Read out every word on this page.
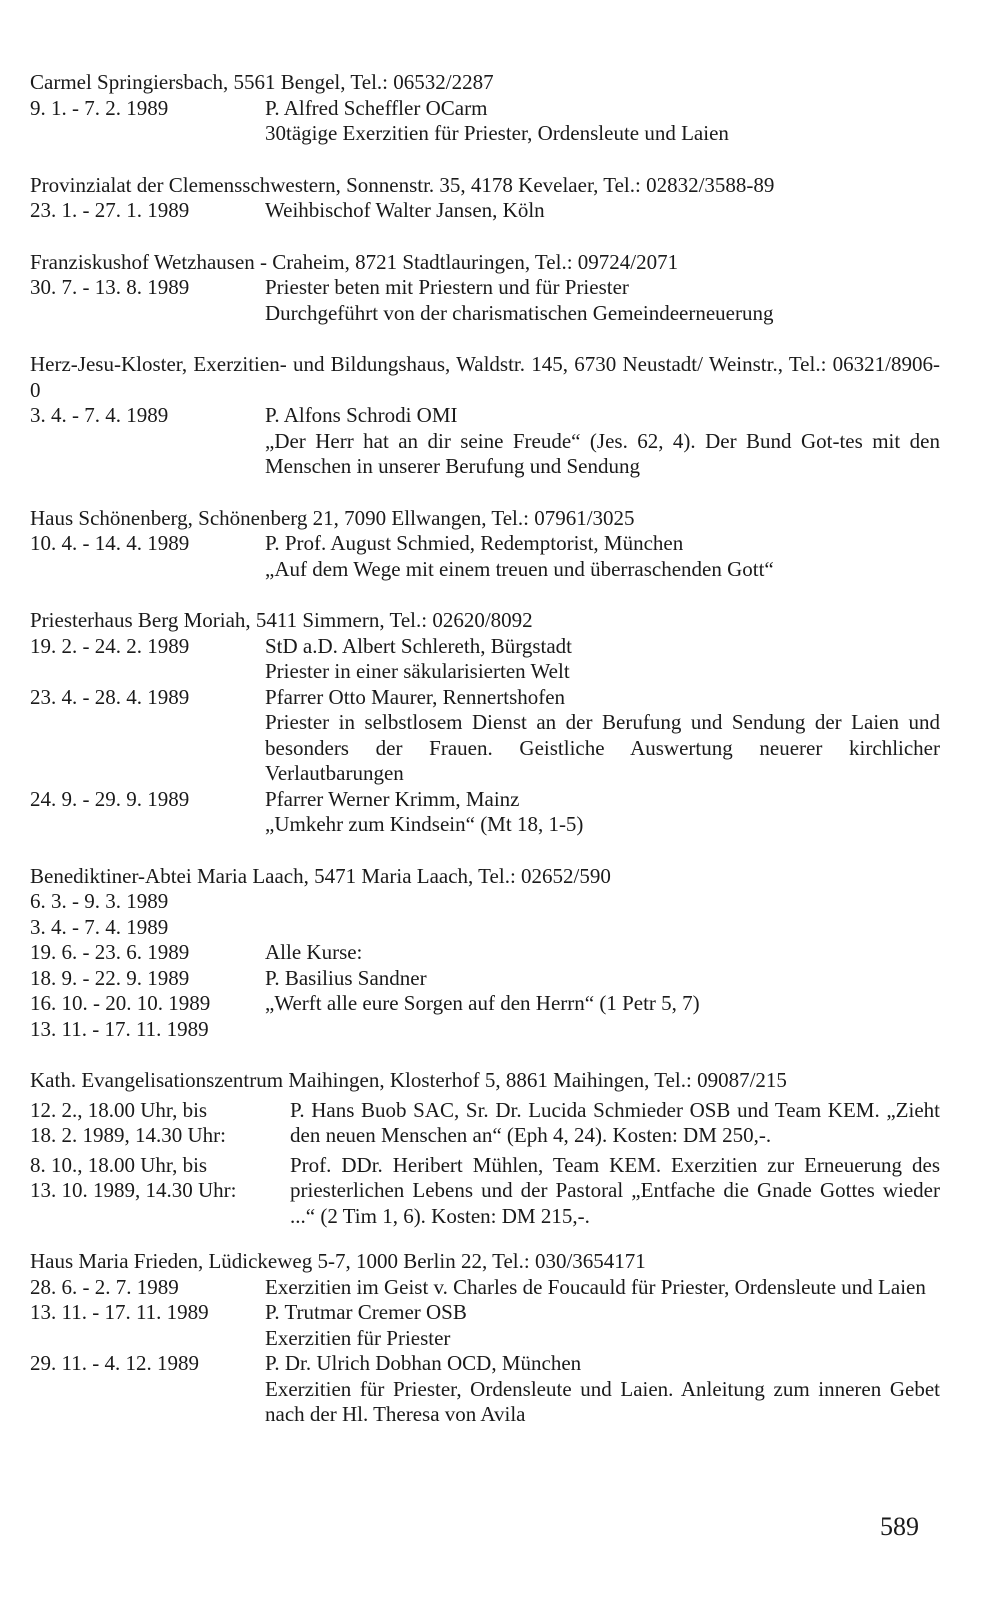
Carmel Springiersbach, 5561 Bengel, Tel.: 06532/2287
9. 1. - 7. 2. 1989	P. Alfred Scheffler OCarm
30tägige Exerzitien für Priester, Ordensleute und Laien
Provinzialat der Clemensschwestern, Sonnenstr. 35, 4178 Kevelaer, Tel.: 02832/3588-89
23. 1. - 27. 1. 1989	Weihbischof Walter Jansen, Köln
Franziskushof Wetzhausen - Craheim, 8721 Stadtlauringen, Tel.: 09724/2071
30. 7. - 13. 8. 1989	Priester beten mit Priestern und für Priester
Durchgeführt von der charismatischen Gemeindeerneuerung
Herz-Jesu-Kloster, Exerzitien- und Bildungshaus, Waldstr. 145, 6730 Neustadt/ Weinstr., Tel.: 06321/8906-0
3. 4. - 7. 4. 1989	P. Alfons Schrodi OMI
„Der Herr hat an dir seine Freude“ (Jes. 62, 4). Der Bund Got-tes mit den Menschen in unserer Berufung und Sendung
Haus Schönenberg, Schönenberg 21, 7090 Ellwangen, Tel.: 07961/3025
10. 4. - 14. 4. 1989	P. Prof. August Schmied, Redemptorist, München
„Auf dem Wege mit einem treuen und überraschenden Gott“
Priesterhaus Berg Moriah, 5411 Simmern, Tel.: 02620/8092
19. 2. - 24. 2. 1989	StD a.D. Albert Schlereth, Bürgstadt
Priester in einer säkularisierten Welt
23. 4. - 28. 4. 1989	Pfarrer Otto Maurer, Rennertshofen
Priester in selbstlosem Dienst an der Berufung und Sendung der Laien und besonders der Frauen. Geistliche Auswertung neuerer kirchlicher Verlautbarungen
24. 9. - 29. 9. 1989	Pfarrer Werner Krimm, Mainz
„Umkehr zum Kindsein“ (Mt 18, 1-5)
Benediktiner-Abtei Maria Laach, 5471 Maria Laach, Tel.: 02652/590
6. 3. - 9. 3. 1989
3. 4. - 7. 4. 1989
19. 6. - 23. 6. 1989	Alle Kurse:
18. 9. - 22. 9. 1989	P. Basilius Sandner
16. 10. - 20. 10. 1989	„Werft alle eure Sorgen auf den Herrn“ (1 Petr 5, 7)
13. 11. - 17. 11. 1989
Kath. Evangelisationszentrum Maihingen, Klosterhof 5, 8861 Maihingen, Tel.: 09087/215
12. 2., 18.00 Uhr, bis
18. 2. 1989, 14.30 Uhr:
P. Hans Buob SAC, Sr. Dr. Lucida Schmieder OSB und Team KEM. „Zieht den neuen Menschen an“ (Eph 4, 24). Kosten: DM 250,-.
8. 10., 18.00 Uhr, bis
13. 10. 1989, 14.30 Uhr:
Prof. DDr. Heribert Mühlen, Team KEM. Exerzitien zur Erneuerung des priesterlichen Lebens und der Pastoral „Entfache die Gnade Gottes wieder ...“ (2 Tim 1, 6). Kosten: DM 215,-.
Haus Maria Frieden, Lüdickeweg 5-7, 1000 Berlin 22, Tel.: 030/3654171
28. 6. - 2. 7. 1989	Exerzitien im Geist v. Charles de Foucauld für Priester, Ordensleute und Laien
13. 11. - 17. 11. 1989	P. Trutmar Cremer OSB
Exerzitien für Priester
29. 11. - 4. 12. 1989	P. Dr. Ulrich Dobhan OCD, München
Exerzitien für Priester, Ordensleute und Laien. Anleitung zum inneren Gebet nach der Hl. Theresa von Avila
589
